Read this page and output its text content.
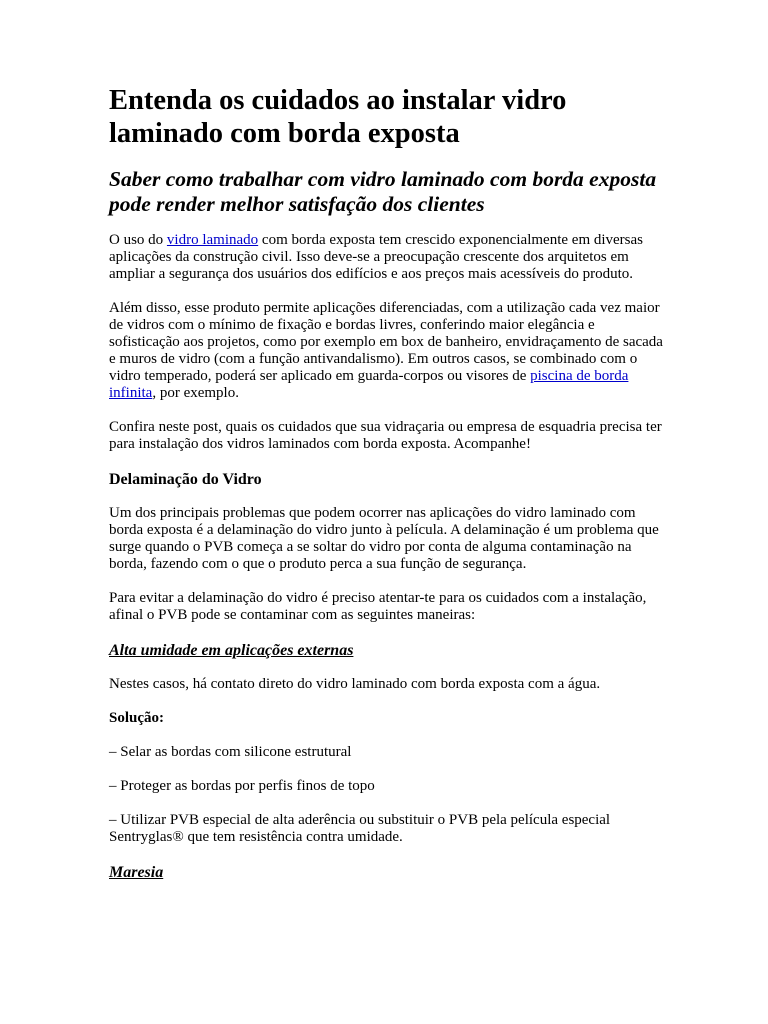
Entenda os cuidados ao instalar vidro laminado com borda exposta
Saber como trabalhar com vidro laminado com borda exposta pode render melhor satisfação dos clientes

O uso do vidro laminado com borda exposta tem crescido exponencialmente em diversas aplicações da construção civil. Isso deve-se a preocupação crescente dos arquitetos em ampliar a segurança dos usuários dos edifícios e aos preços mais acessíveis do produto.

Além disso, esse produto permite aplicações diferenciadas, com a utilização cada vez maior de vidros com o mínimo de fixação e bordas livres, conferindo maior elegância e sofisticação aos projetos, como por exemplo em box de banheiro, envidraçamento de sacada e muros de vidro (com a função antivandalismo). Em outros casos, se combinado com o vidro temperado, poderá ser aplicado em guarda-corpos ou visores de piscina de borda infinita, por exemplo.

Confira neste post, quais os cuidados que sua vidraçaria ou empresa de esquadria precisa ter para instalação dos vidros laminados com borda exposta. Acompanhe!

Delaminação do Vidro

Um dos principais problemas que podem ocorrer nas aplicações do vidro laminado com borda exposta é a delaminação do vidro junto à película. A delaminação é um problema que surge quando o PVB começa a se soltar do vidro por conta de alguma contaminação na borda, fazendo com o que o produto perca a sua função de segurança.

Para evitar a delaminação do vidro é preciso atentar-te para os cuidados com a instalação, afinal o PVB pode se contaminar com as seguintes maneiras:

Alta umidade em aplicações externas

Nestes casos, há contato direto do vidro laminado com borda exposta com a água.

Solução:

– Selar as bordas com silicone estrutural

– Proteger as bordas por perfis finos de topo

– Utilizar PVB especial de alta aderência ou substituir o PVB pela película especial Sentryglas® que tem resistência contra umidade.

Maresia
